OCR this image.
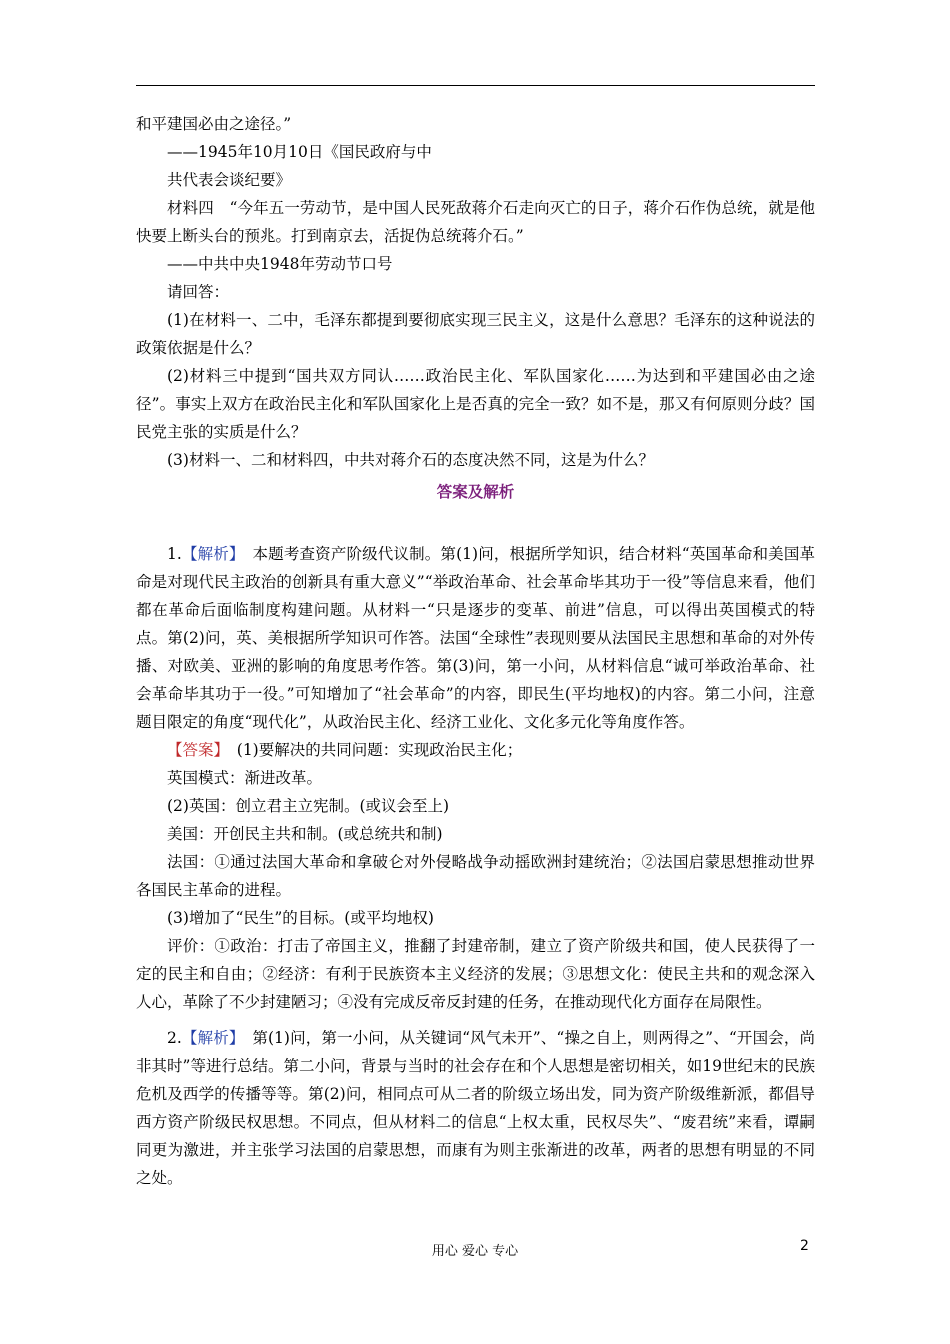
和平建国必由之途径。”

——1945年10月10日《国民政府与中

共代表会谈纪要》

材料四　“今年五一劳动节，是中国人民死敌蒋介石走向灭亡的日子，蒋介石作伪总统，就是他快要上断头台的预兆。打到南京去，活捉伪总统蒋介石。”

——中共中央1948年劳动节口号

请回答：

(1)在材料一、二中，毛泽东都提到要彻底实现三民主义，这是什么意思？毛泽东的这种说法的政策依据是什么？

(2)材料三中提到“国共双方同认……政治民主化、军队国家化……为达到和平建国必由之途径”。事实上双方在政治民主化和军队国家化上是否真的完全一致？如不是，那又有何原则分歧？国民党主张的实质是什么？

(3)材料一、二和材料四，中共对蒋介石的态度决然不同，这是为什么？

答案及解析

1.【解析】　本题考查资产阶级代议制。第(1)问，根据所学知识，结合材料“英国革命和美国革命是对现代民主政治的创新具有重大意义”“举政治革命、社会革命毕其功于一役”等信息来看，他们都在革命后面临制度构建问题。从材料一“只是逐步的变革、前进”信息，可以得出英国模式的特点。第(2)问，英、美根据所学知识可作答。法国“全球性”表现则要从法国民主思想和革命的对外传播、对欧美、亚洲的影响的角度思考作答。第(3)问，第一小问，从材料信息“诚可举政治革命、社会革命毕其功于一役。”可知增加了“社会革命”的内容，即民生(平均地权)的内容。第二小问，注意题目限定的角度“现代化”，从政治民主化、经济工业化、文化多元化等角度作答。

【答案】　(1)要解决的共同问题：实现政治民主化；

英国模式：渐进改革。

(2)英国：创立君主立宪制。(或议会至上)

美国：开创民主共和制。(或总统共和制)

法国：①通过法国大革命和拿破仑对外侵略战争动摇欧洲封建统治；②法国启蒙思想推动世界各国民主革命的进程。

(3)增加了“民生”的目标。(或平均地权)

评价：①政治：打击了帝国主义，推翻了封建帝制，建立了资产阶级共和国，使人民获得了一定的民主和自由；②经济：有利于民族资本主义经济的发展；③思想文化：使民主共和的观念深入人心，革除了不少封建陋习；④没有完成反帝反封建的任务，在推动现代化方面存在局限性。

2.【解析】　第(1)问，第一小问，从关键词“风气未开”、“操之自上，则两得之”、“开国会，尚非其时”等进行总结。第二小问，背景与当时的社会存在和个人思想是密切相关，如19世纪末的民族危机及西学的传播等等。第(2)问，相同点可从二者的阶级立场出发，同为资产阶级维新派，都倡导西方资产阶级民权思想。不同点，但从材料二的信息“上权太重，民权尽失”、“废君统”来看，谭嗣同更为激进，并主张学习法国的启蒙思想，而康有为则主张渐进的改革，两者的思想有明显的不同之处。

用心 爱心 专心	2
